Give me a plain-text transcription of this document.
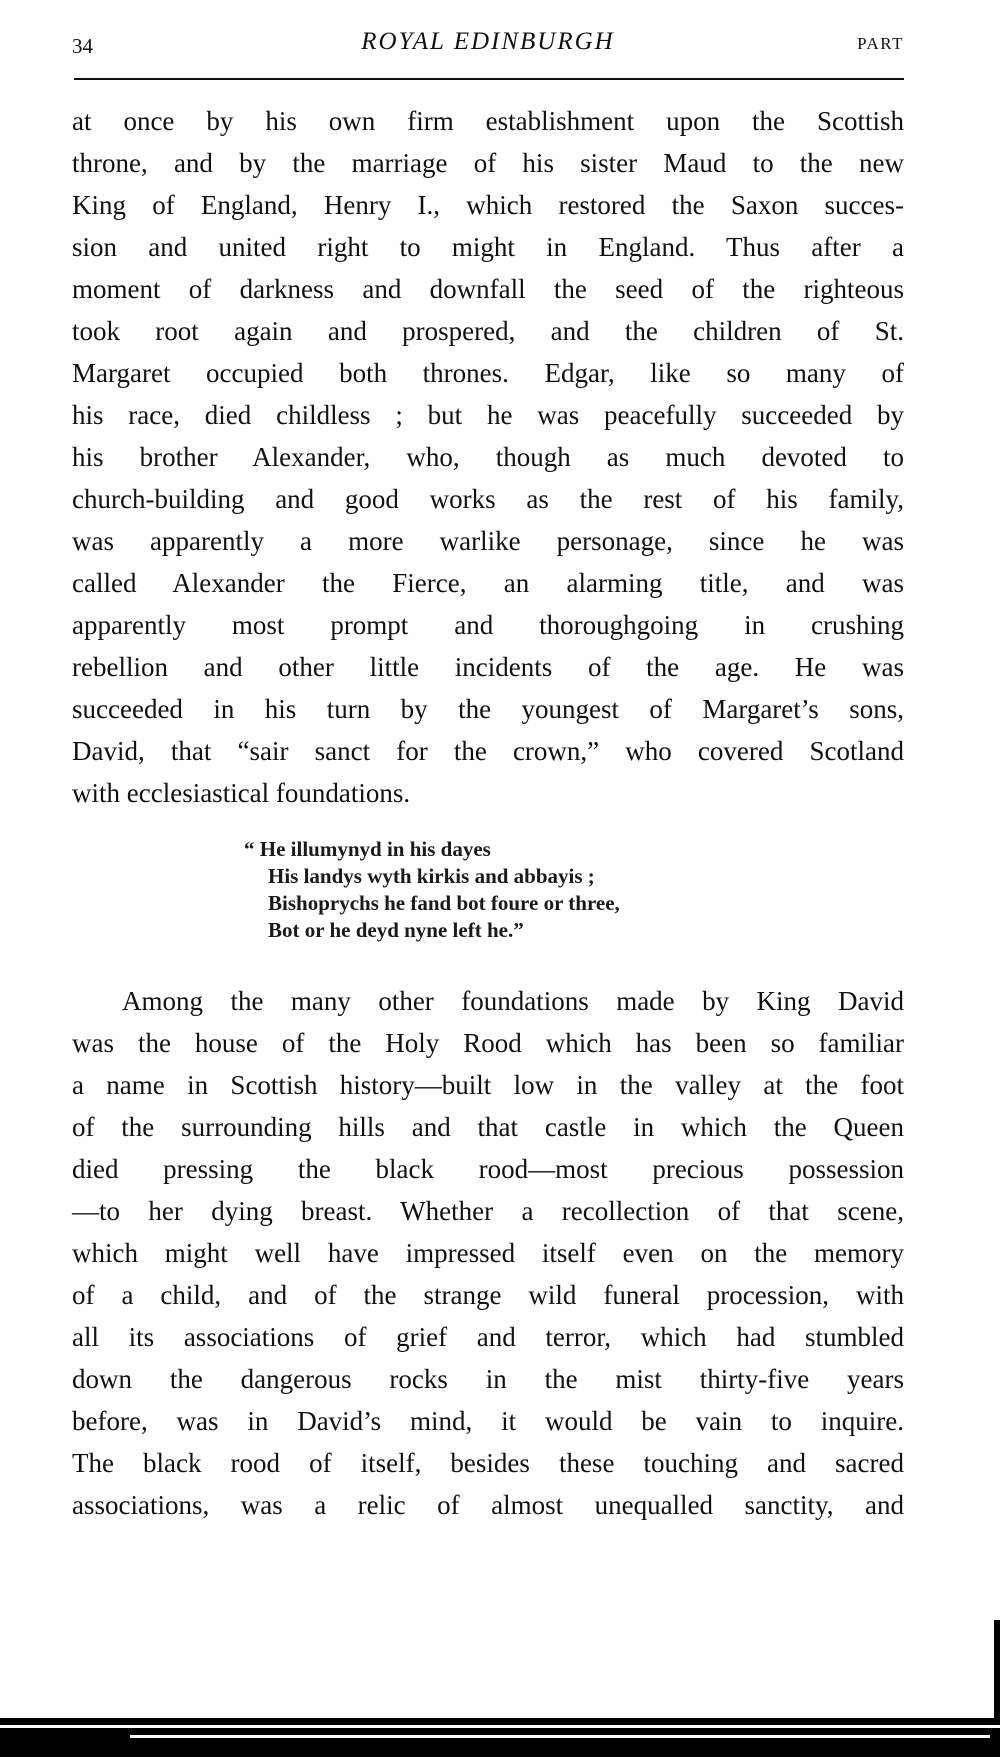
34	ROYAL EDINBURGH	PART
at once by his own firm establishment upon the Scottish
throne, and by the marriage of his sister Maud to the new
King of England, Henry I., which restored the Saxon succes-
sion and united right to might in England. Thus after a
moment of darkness and downfall the seed of the righteous
took root again and prospered, and the children of St.
Margaret occupied both thrones. Edgar, like so many of
his race, died childless ; but he was peacefully succeeded by
his brother Alexander, who, though as much devoted to
church-building and good works as the rest of his family,
was apparently a more warlike personage, since he was
called Alexander the Fierce, an alarming title, and was
apparently most prompt and thoroughgoing in crushing
rebellion and other little incidents of the age. He was
succeeded in his turn by the youngest of Margaret’s sons,
David, that “sair sanct for the crown,” who covered Scotland
with ecclesiastical foundations.
“ He illumynyd in his dayes
His landys wyth kirkis and abbayis ;
Bishoprychs he fand bot foure or three,
Bot or he deyd nyne left he.”
Among the many other foundations made by King David
was the house of the Holy Rood which has been so familiar
a name in Scottish history—built low in the valley at the foot
of the surrounding hills and that castle in which the Queen
died pressing the black rood—most precious possession
—to her dying breast. Whether a recollection of that scene,
which might well have impressed itself even on the memory
of a child, and of the strange wild funeral procession, with
all its associations of grief and terror, which had stumbled
down the dangerous rocks in the mist thirty-five years
before, was in David’s mind, it would be vain to inquire.
The black rood of itself, besides these touching and sacred
associations, was a relic of almost unequalled sanctity, and
